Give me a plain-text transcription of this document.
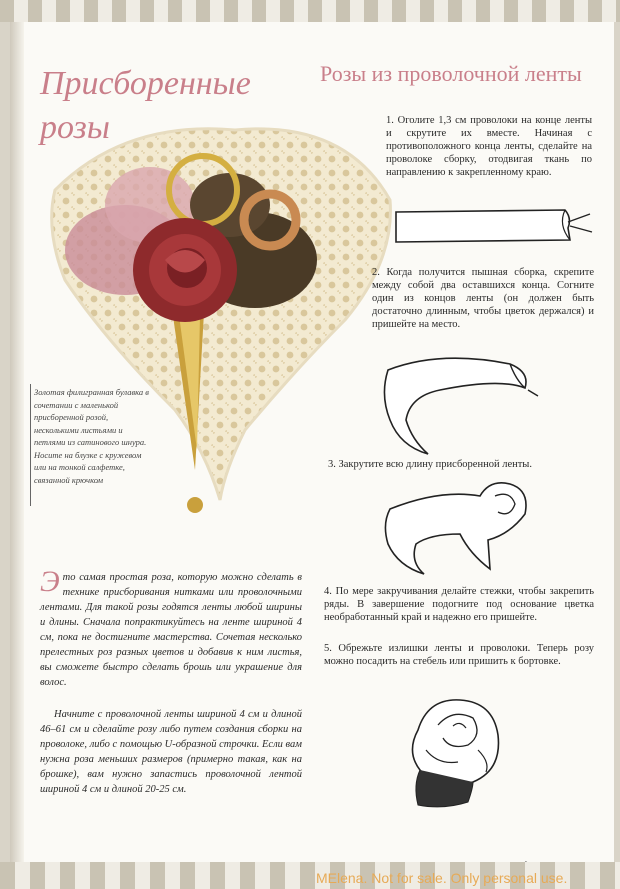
Присборенные розы
Золотая филигранная булавка в сочетании с маленькой присборенной розой, несколькими листьями и петлями из сатинового шнура. Носите на блузке с кружевом или на тонкой салфетке, связанной крючком

Это самая простая роза, которую можно сделать в технике присборивания нитками или проволочными лентами. Для такой розы годятся ленты любой ширины и длины. Сначала попрактикуйтесь на ленте шириной 4 см, пока не достигните мастерства. Сочетая несколько прелестных роз разных цветов и добавив к ним листья, вы сможете быстро сделать брошь или украшение для волос.

Начните с проволочной ленты шириной 4 см и длиной 46–61 см и сделайте розу либо путем создания сборки на проволоке, либо с помощью U-образной строчки. Если вам нужна роза меньших размеров (примерно такая, как на брошке), вам нужно запастись проволочной лентой шириной 4 см и длиной 20-25 см.

Розы из проволочной ленты

1. Оголите 1,3 см проволоки на конце ленты и скрутите их вместе. Начиная с противоположного конца ленты, сделайте на проволоке сборку, отодвигая ткань по направлению к закрепленному краю.

2. Когда получится пышная сборка, скрепите между собой два оставшихся конца. Согните один из концов ленты (он должен быть достаточно длинным, чтобы цветок держался) и пришейте на место.

3. Закрутите всю длину присборенной ленты.

4. По мере закручивания делайте стежки, чтобы закрепить ряды. В завершение подогните под основание цветка необработанный край и надежно его пришейте.

5. Обрежьте излишки ленты и проволоки. Теперь розу можно посадить на стебель или пришить к бортовке.

MElena. Not for sale. Only personal use.
